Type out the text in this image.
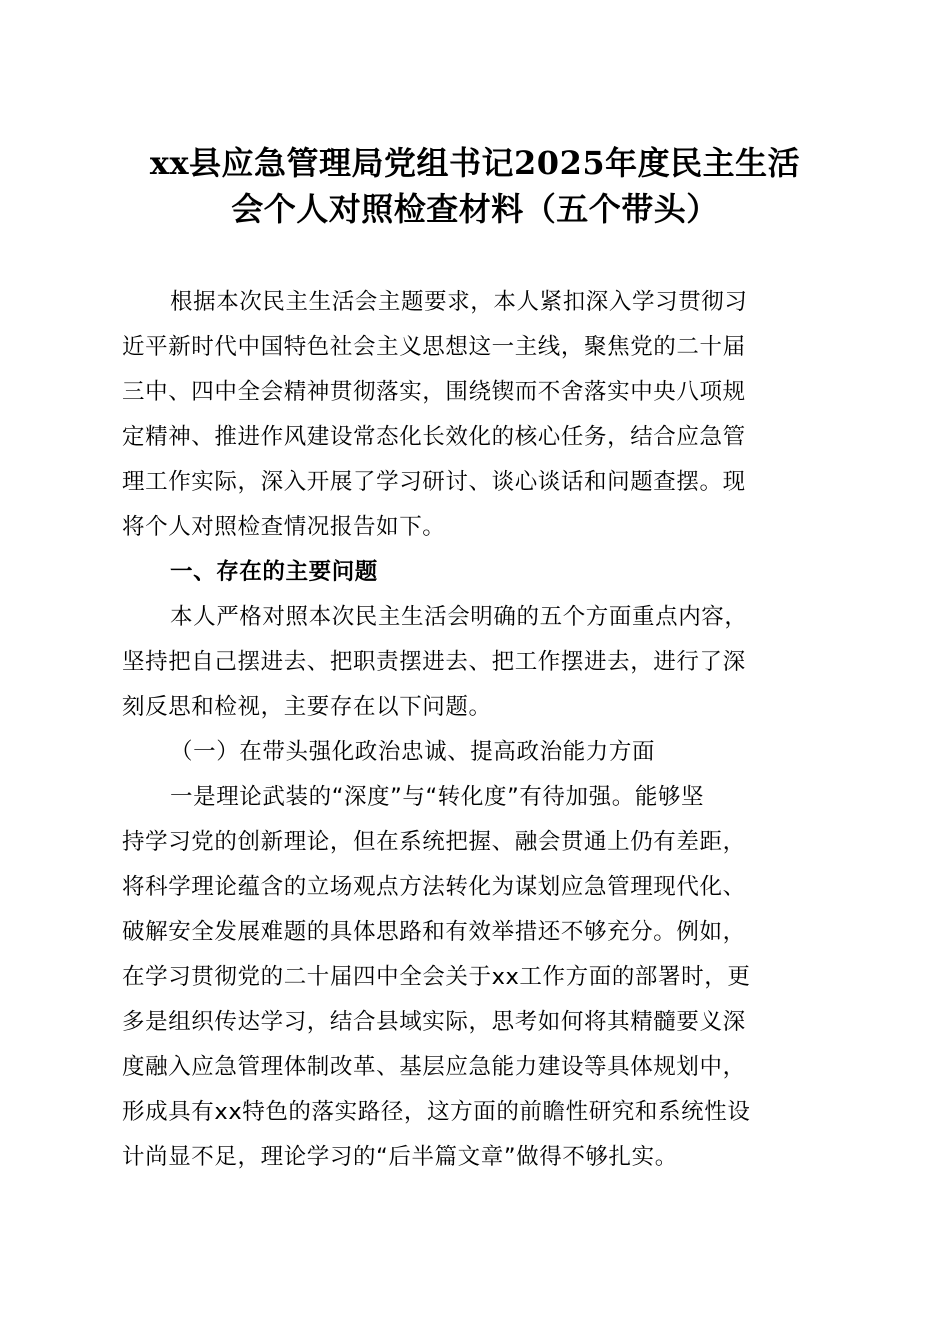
xx县应急管理局党组书记2025年度民主生活
会个人对照检查材料（五个带头）

根据本次民主生活会主题要求，本人紧扣深入学习贯彻习
近平新时代中国特色社会主义思想这一主线，聚焦党的二十届
三中、四中全会精神贯彻落实，围绕锲而不舍落实中央八项规
定精神、推进作风建设常态化长效化的核心任务，结合应急管
理工作实际，深入开展了学习研讨、谈心谈话和问题查摆。现
将个人对照检查情况报告如下。

一、存在的主要问题

本人严格对照本次民主生活会明确的五个方面重点内容，
坚持把自己摆进去、把职责摆进去、把工作摆进去，进行了深
刻反思和检视，主要存在以下问题。

（一）在带头强化政治忠诚、提高政治能力方面

一是理论武装的“深度”与“转化度”有待加强。能够坚
持学习党的创新理论，但在系统把握、融会贯通上仍有差距，
将科学理论蕴含的立场观点方法转化为谋划应急管理现代化、
破解安全发展难题的具体思路和有效举措还不够充分。例如，
在学习贯彻党的二十届四中全会关于xx工作方面的部署时，更
多是组织传达学习，结合县域实际，思考如何将其精髓要义深
度融入应急管理体制改革、基层应急能力建设等具体规划中，
形成具有xx特色的落实路径，这方面的前瞻性研究和系统性设
计尚显不足，理论学习的“后半篇文章”做得不够扎实。
